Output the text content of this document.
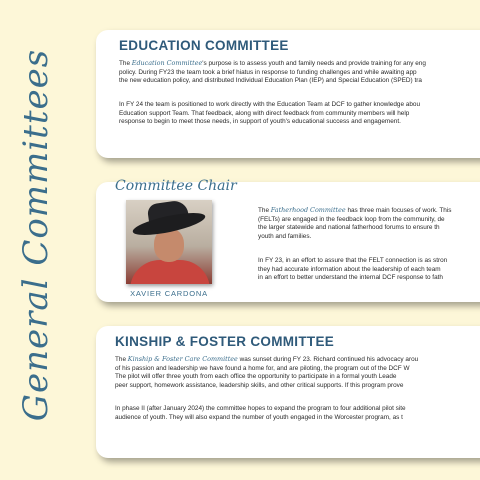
General Committees
EDUCATION COMMITTEE
The Education Committee's purpose is to assess youth and family needs and provide training for any eng
policy. During FY23 the team took a brief hiatus in response to funding challenges and while awaiting app
the new education policy, and distributed Individual Education Plan (IEP) and Special Education (SPED) tra
In FY 24 the team is positioned to work directly with the Education Team at DCF to gather knowledge abou
Education support Team. That feedback, along with direct feedback from community members will help
response to begin to meet those needs, in support of youth's educational success and engagement.
Committee Chair
XAVIER CARDONA
The Fatherhood Committee has three main focuses of work. This
(FELTs) are engaged in the feedback loop from the community, de
the larger statewide and national fatherhood forums to ensure th
youth and families.
In FY 23, in an effort to assure that the FELT connection is as stron
they had accurate information about the leadership of each team
in an effort to better understand the internal DCF response to fath
KINSHIP & FOSTER COMMITTEE
The Kinship & Foster Care Committee was sunset during FY 23. Richard continued his advocacy arou
of his passion and leadership we have found a home for, and are piloting, the program out of the DCF W
The pilot will offer three youth from each office the opportunity to participate in a formal youth Leade
peer support, homework assistance, leadership skills, and other critical supports. If this program prove
In phase II (after January 2024) the committee hopes to expand the program to four additional pilot site
audience of youth. They will also expand the number of youth engaged in the Worcester program, as t
